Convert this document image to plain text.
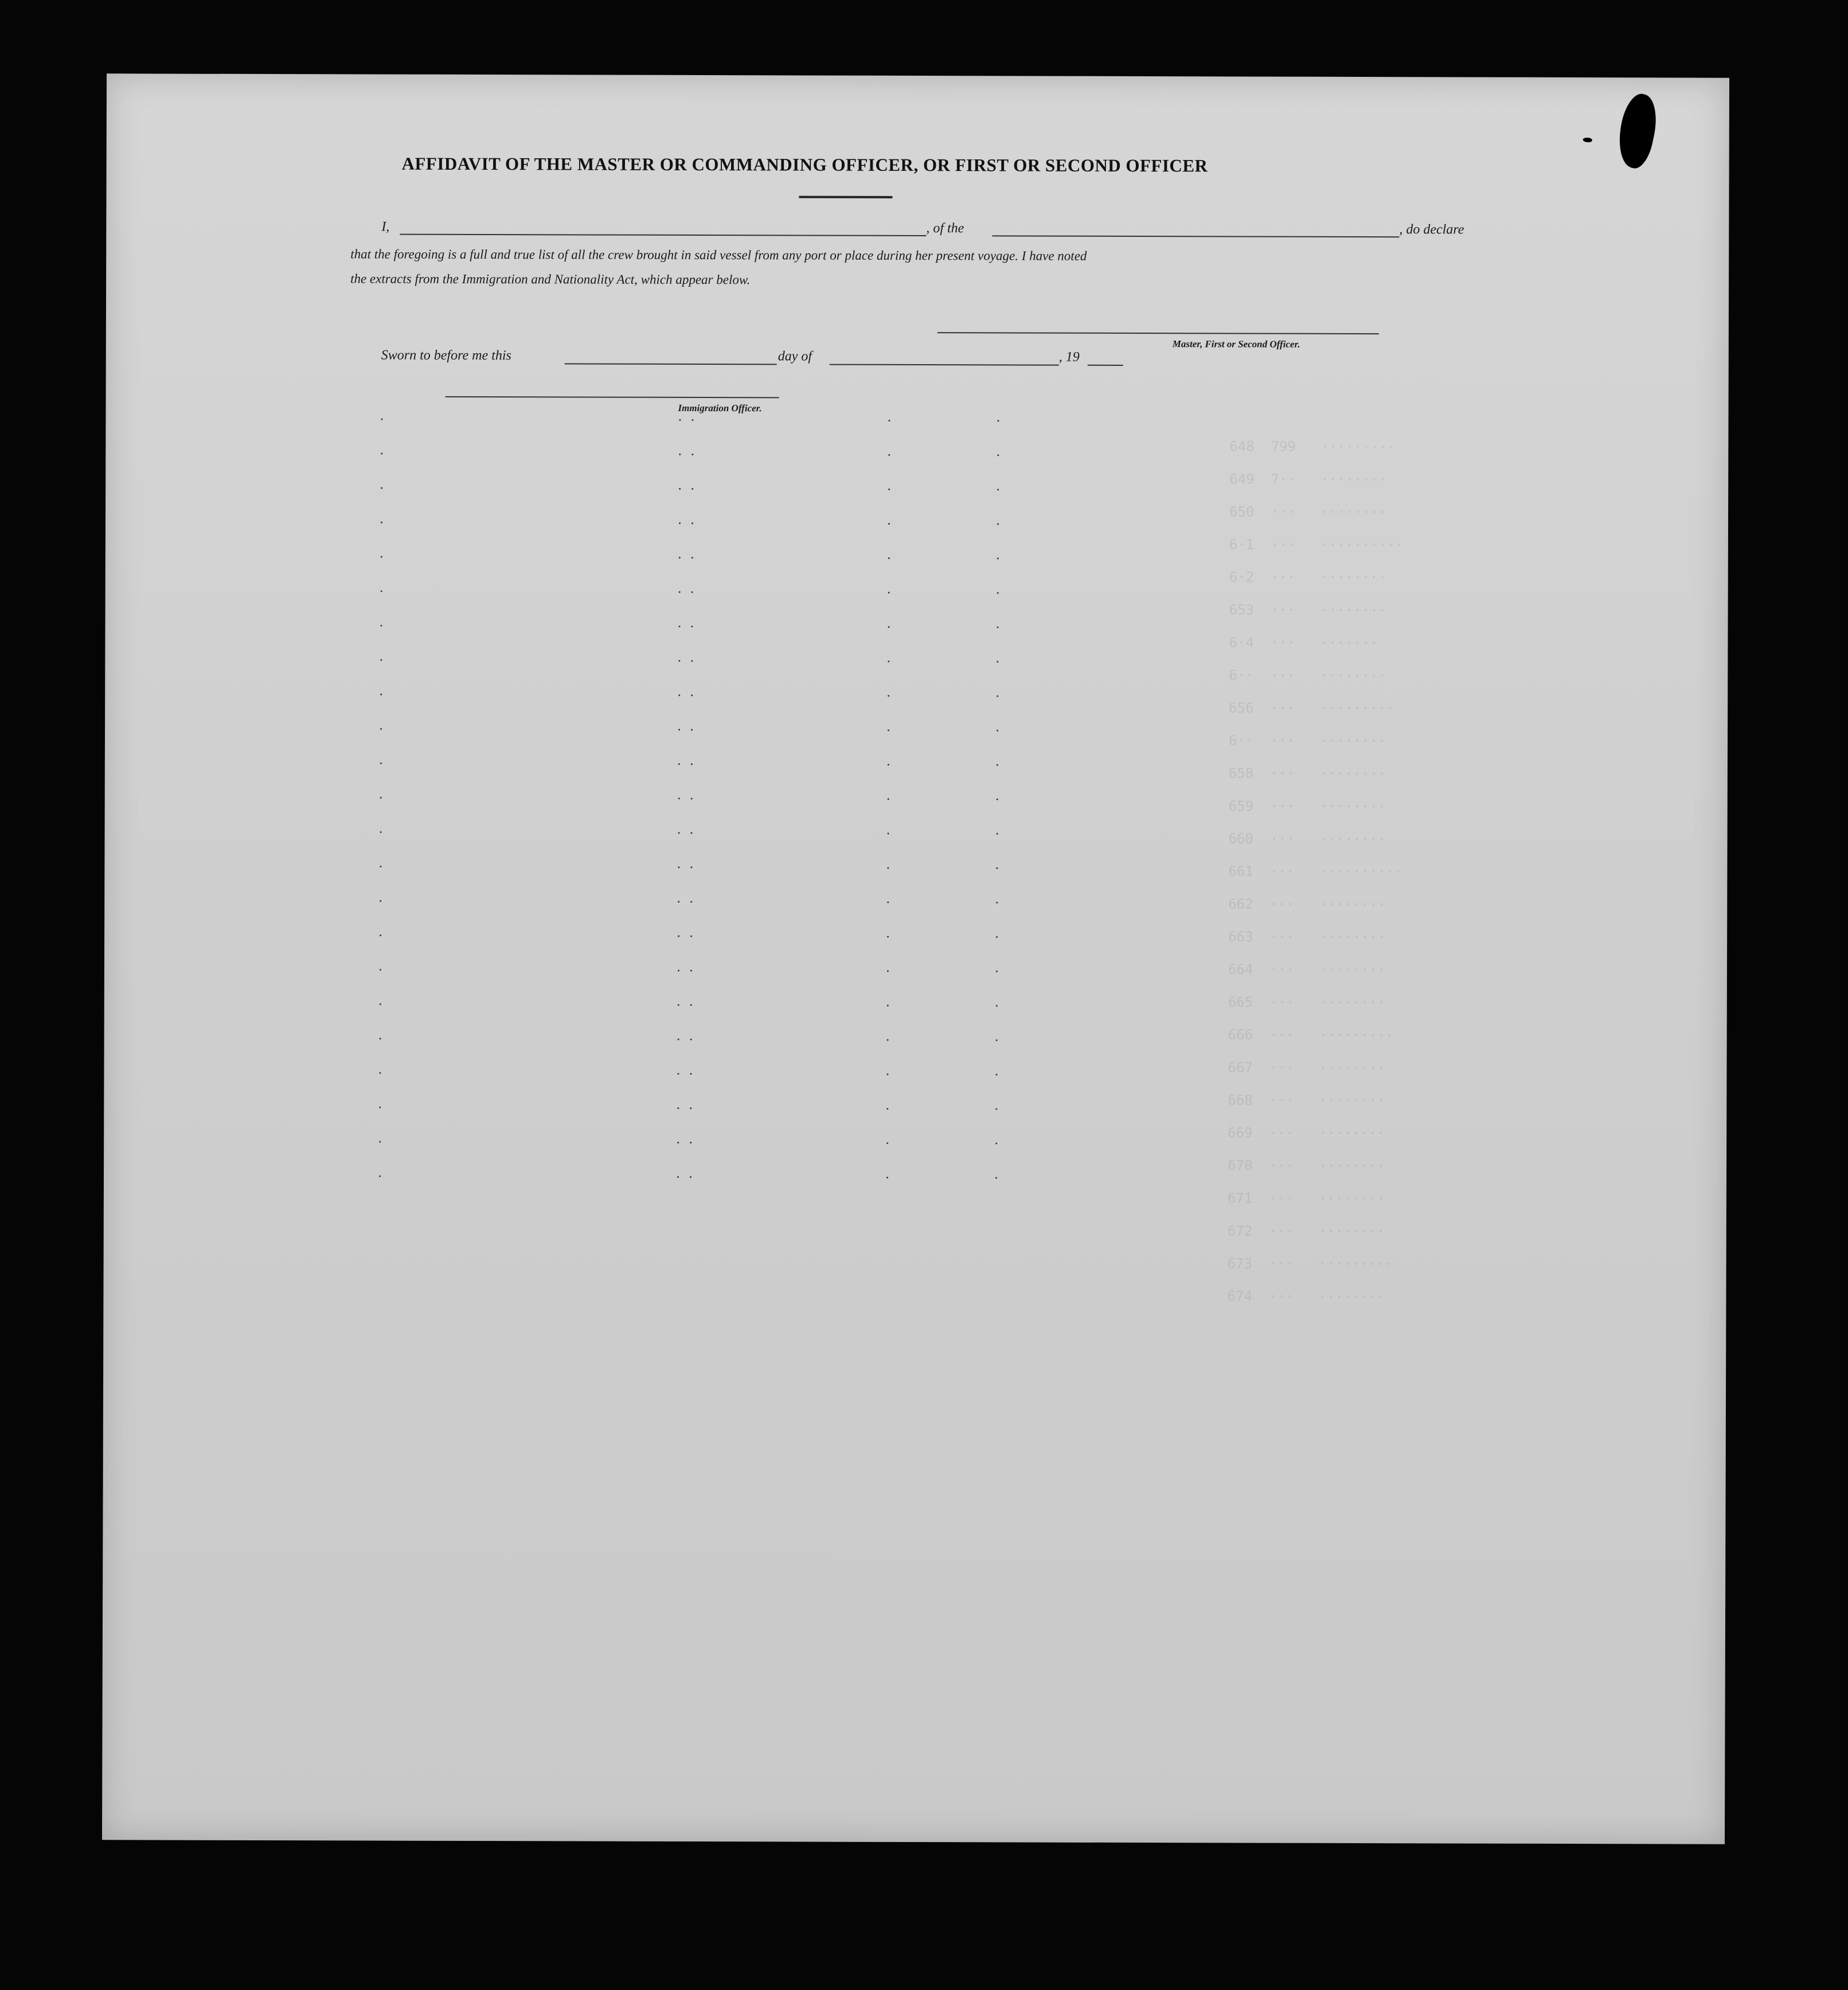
648  799   ·········
649  7··   ········
650  ···   ········
6·1  ···   ··········
6·2  ···   ········
653  ···   ········
6·4  ···   ·······
6··  ···   ········
656  ···   ·········
6··  ···   ········
658  ···   ········
659  ···   ········
660  ···   ········
661  ···   ··········
662  ···   ········
663  ···   ········
664  ···   ········
665  ···   ········
666  ···   ·········
667  ···   ········
668  ···   ········
669  ···   ········
670  ···   ········
671  ···   ········
672  ···   ········
673  ···   ·········
674  ···   ········

AFFIDAVIT OF THE MASTER OR COMMANDING OFFICER, OR FIRST OR SECOND OFFICER
I,	, of the	, do declare
that the foregoing is a full and true list of all the crew brought in said vessel from any port or place during her present voyage. I have noted
the extracts from the Immigration and Nationality Act, which appear below.
Master, First or Second Officer.
Sworn to before me this	day of	, 19
Immigration Officer.
